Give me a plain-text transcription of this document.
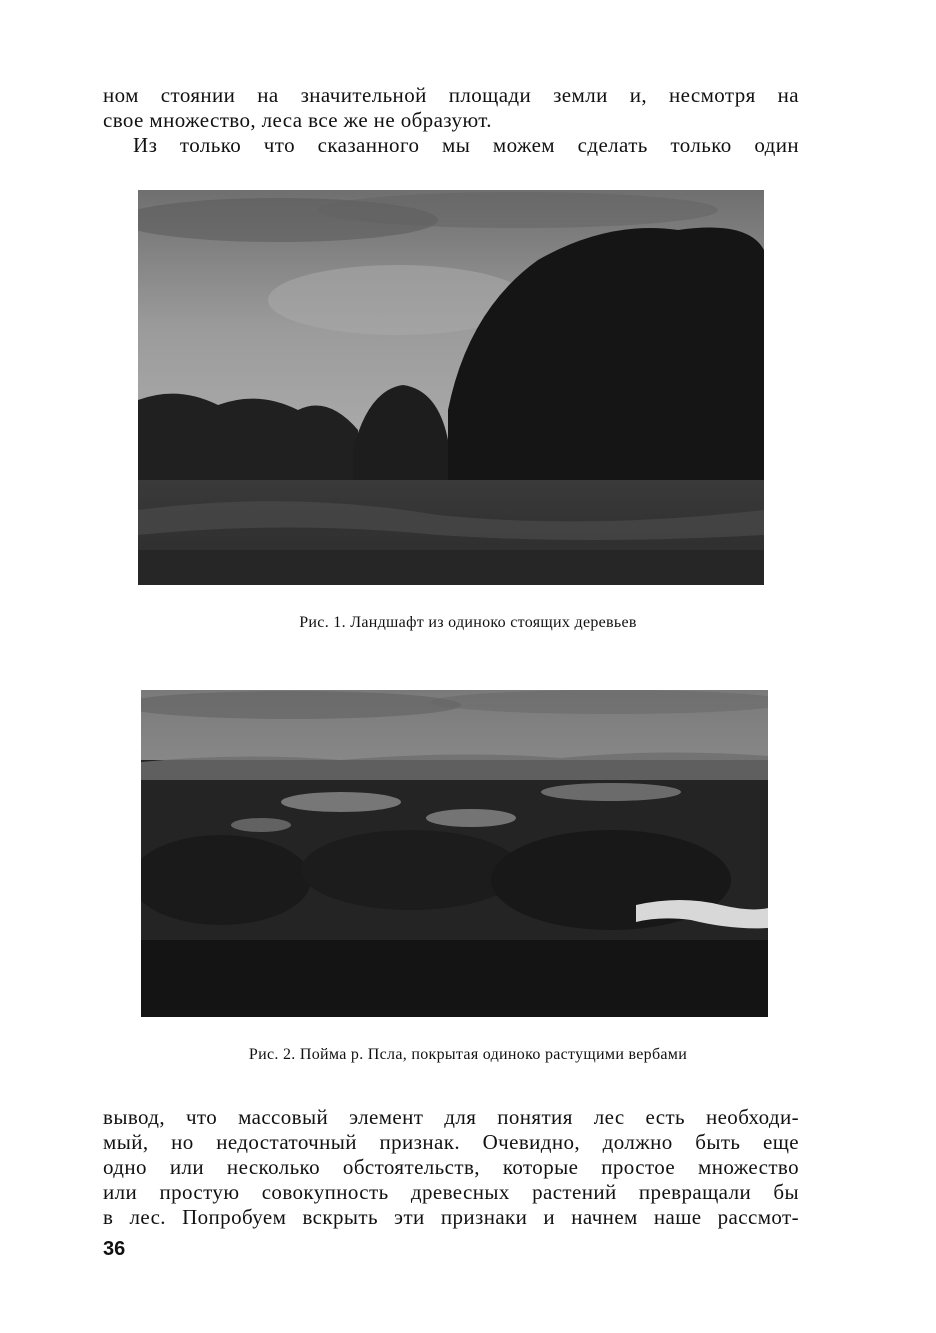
ном стоянии на значительной площади земли и, несмотря на
свое множество, леса все же не образуют.
Из только что сказанного мы можем сделать только один
Рис. 1. Ландшафт из одиноко стоящих деревьев
Рис. 2. Пойма р. Псла, покрытая одиноко растущими вербами
вывод, что массовый элемент для понятия лес есть необходи-
мый, но недостаточный признак. Очевидно, должно быть еще
одно или несколько обстоятельств, которые простое множество
или простую совокупность древесных растений превращали бы
в лес. Попробуем вскрыть эти признаки и начнем наше рассмот-
36
